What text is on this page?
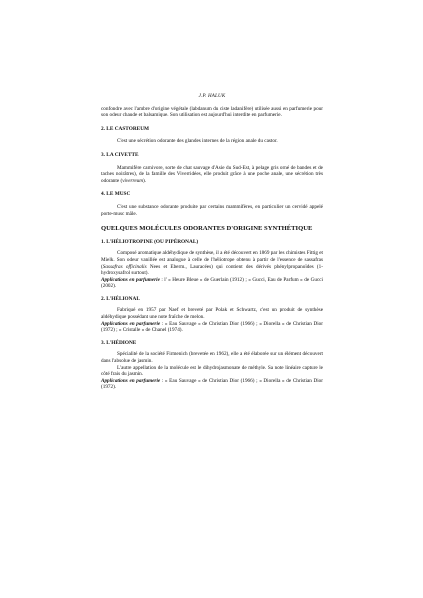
J.P. HALUK

confondre avec l'ambre d'origine végétale (labdanum du ciste ladanifère) utilisée aussi en parfumerie pour son odeur chaude et balsamique. Son utilisation est aujourd'hui interdite en parfumerie.

2. LE CASTOREUM

C'est une sécrétion odorante des glandes internes de la région anale du castor.

3. LA CIVETTE

Mammifère carnivore, sorte de chat sauvage d'Asie du Sud-Est, à pelage gris orné de bandes et de taches noirâtres), de la famille des Viverridées, elle produit grâce à une poche anale, une sécrétion très odorante (viverreum).

4. LE MUSC

C'est une substance odorante produite par certains mammifères, en particulier un cervidé appelé porte-musc mâle.

QUELQUES MOLÉCULES ODORANTES D'ORIGINE SYNTHÉTIQUE
1. L'HÉLIOTROPINE (OU PIPÉRONAL)

Composé aromatique aldéhydique de synthèse, il a été découvert en 1869 par les chimistes Fittig et Mielk. Son odeur vanillée est analogue à celle de l'héliotrope obtenu à partir de l'essence de sassafras (Sassafras officinalis Nees et Eberm., Lauracées) qui contient des dérivés phénylpropanoïdes (1-hydroxysafrol surtout).

Applications en parfumerie : l' « Heure Bleue » de Guerlain (1912) ; « Gucci, Eau de Parfum » de Gucci (2002).

2. L'HÉLIONAL

Fabriqué en 1957 par Naef et breveté par Polak et Schwartz, c'est un produit de synthèse aldéhydique possédant une note fraîche de melon.

Applications en parfumerie : « Eau Sauvage » de Christian Dior (1966) ; « Diorella » de Christian Dior (1972) ; « Cristalle » de Chanel (1974).

3. L'HÉDIONE

Spécialité de la société Firmenich (brevetée en 1962), elle a été élaborée sur un élément découvert dans l'absolue de jasmin.

L'autre appellation de la molécule est le dihydrojasmonate de méthyle. Sa note linéaire capture le côté frais du jasmin.

Applications en parfumerie : « Eau Sauvage » de Christian Dior (1966) ; « Diorella » de Christian Dior (1972).
